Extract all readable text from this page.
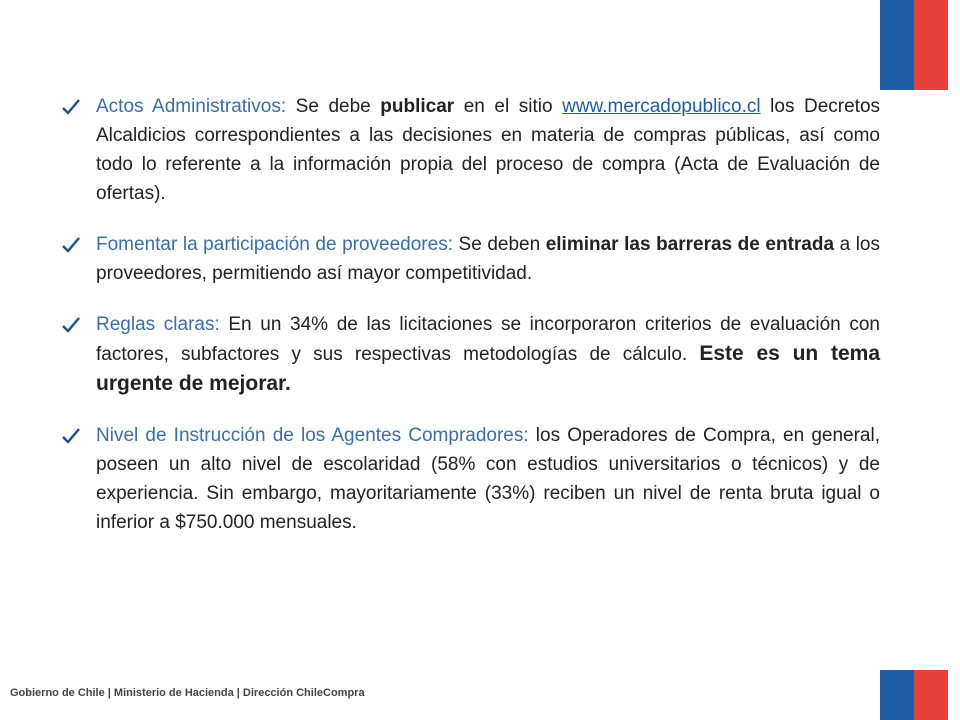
Actos Administrativos: Se debe publicar en el sitio www.mercadopublico.cl los Decretos Alcaldicios correspondientes a las decisiones en materia de compras públicas, así como todo lo referente a la información propia del proceso de compra (Acta de Evaluación de ofertas).
Fomentar la participación de proveedores: Se deben eliminar las barreras de entrada a los proveedores, permitiendo así mayor competitividad.
Reglas claras: En un 34% de las licitaciones se incorporaron criterios de evaluación con factores, subfactores y sus respectivas metodologías de cálculo. Este es un tema urgente de mejorar.
Nivel de Instrucción de los Agentes Compradores: los Operadores de Compra, en general, poseen un alto nivel de escolaridad (58% con estudios universitarios o técnicos) y de experiencia. Sin embargo, mayoritariamente (33%) reciben un nivel de renta bruta igual o inferior a $750.000 mensuales.
Gobierno de Chile | Ministerio de Hacienda | Dirección ChileCompra
